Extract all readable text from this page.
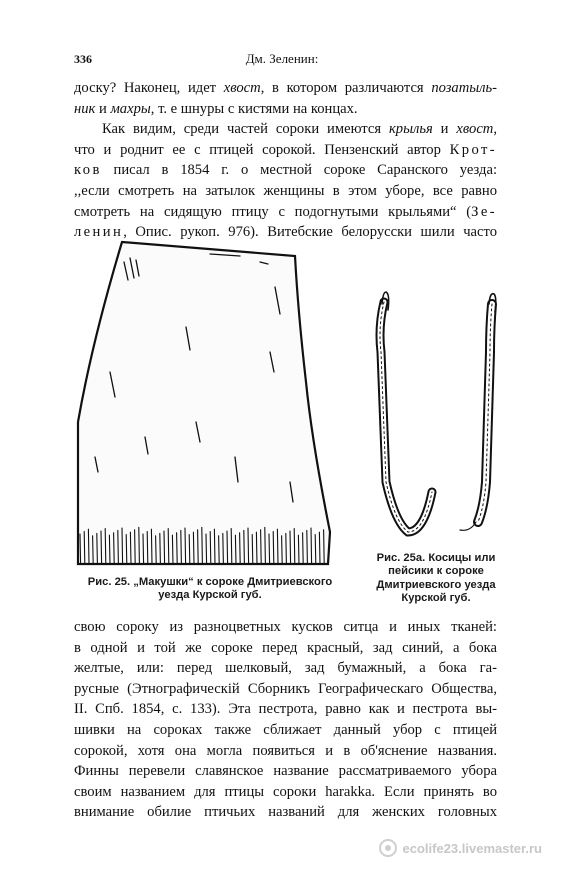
336	Дм. Зеленин:
доску? Наконец, идет хвост, в котором различаются позатыль-
ник и махры, т. е шнуры с кистями на концах.
Как видим, среди частей сороки имеются крылья и хвост,
что и роднит ее с птицей сорокой. Пензенский автор Крот-
ков писал в 1854 г. о местной сороке Саранского уезда:
,,если смотреть на затылок женщины в этом уборе, все равно
смотреть на сидящую птицу с подогнутыми крыльями“ (Зе-
ленин, Опис. рукоп. 976). Витебские белорусски шили часто
Рис. 25. „Макушки“ к сороке Дмитриевского
уезда Курской губ.
Рис. 25а. Косицы или
пейсики к сороке
Дмитриевского уезда
Курской губ.
свою сороку из разноцветных кусков ситца и иных тканей:
в одной и той же сороке перед красный, зад синий, а бока
желтые, или: перед шелковый, зад бумажный, а бока га-
русные (Этнографическiй Сборникъ Географическаго Общества,
II. Спб. 1854, с. 133). Эта пестрота, равно как и пестрота вы-
шивки на сороках также сближает данный убор с птицей
сорокой, хотя она могла появиться и в об'яснение названия.
Финны перевели славянское название рассматриваемого убора
своим названием для птицы сороки harakka. Если принять во
внимание обилие птичьих названий для женских головных
ecolife23.livemaster.ru
